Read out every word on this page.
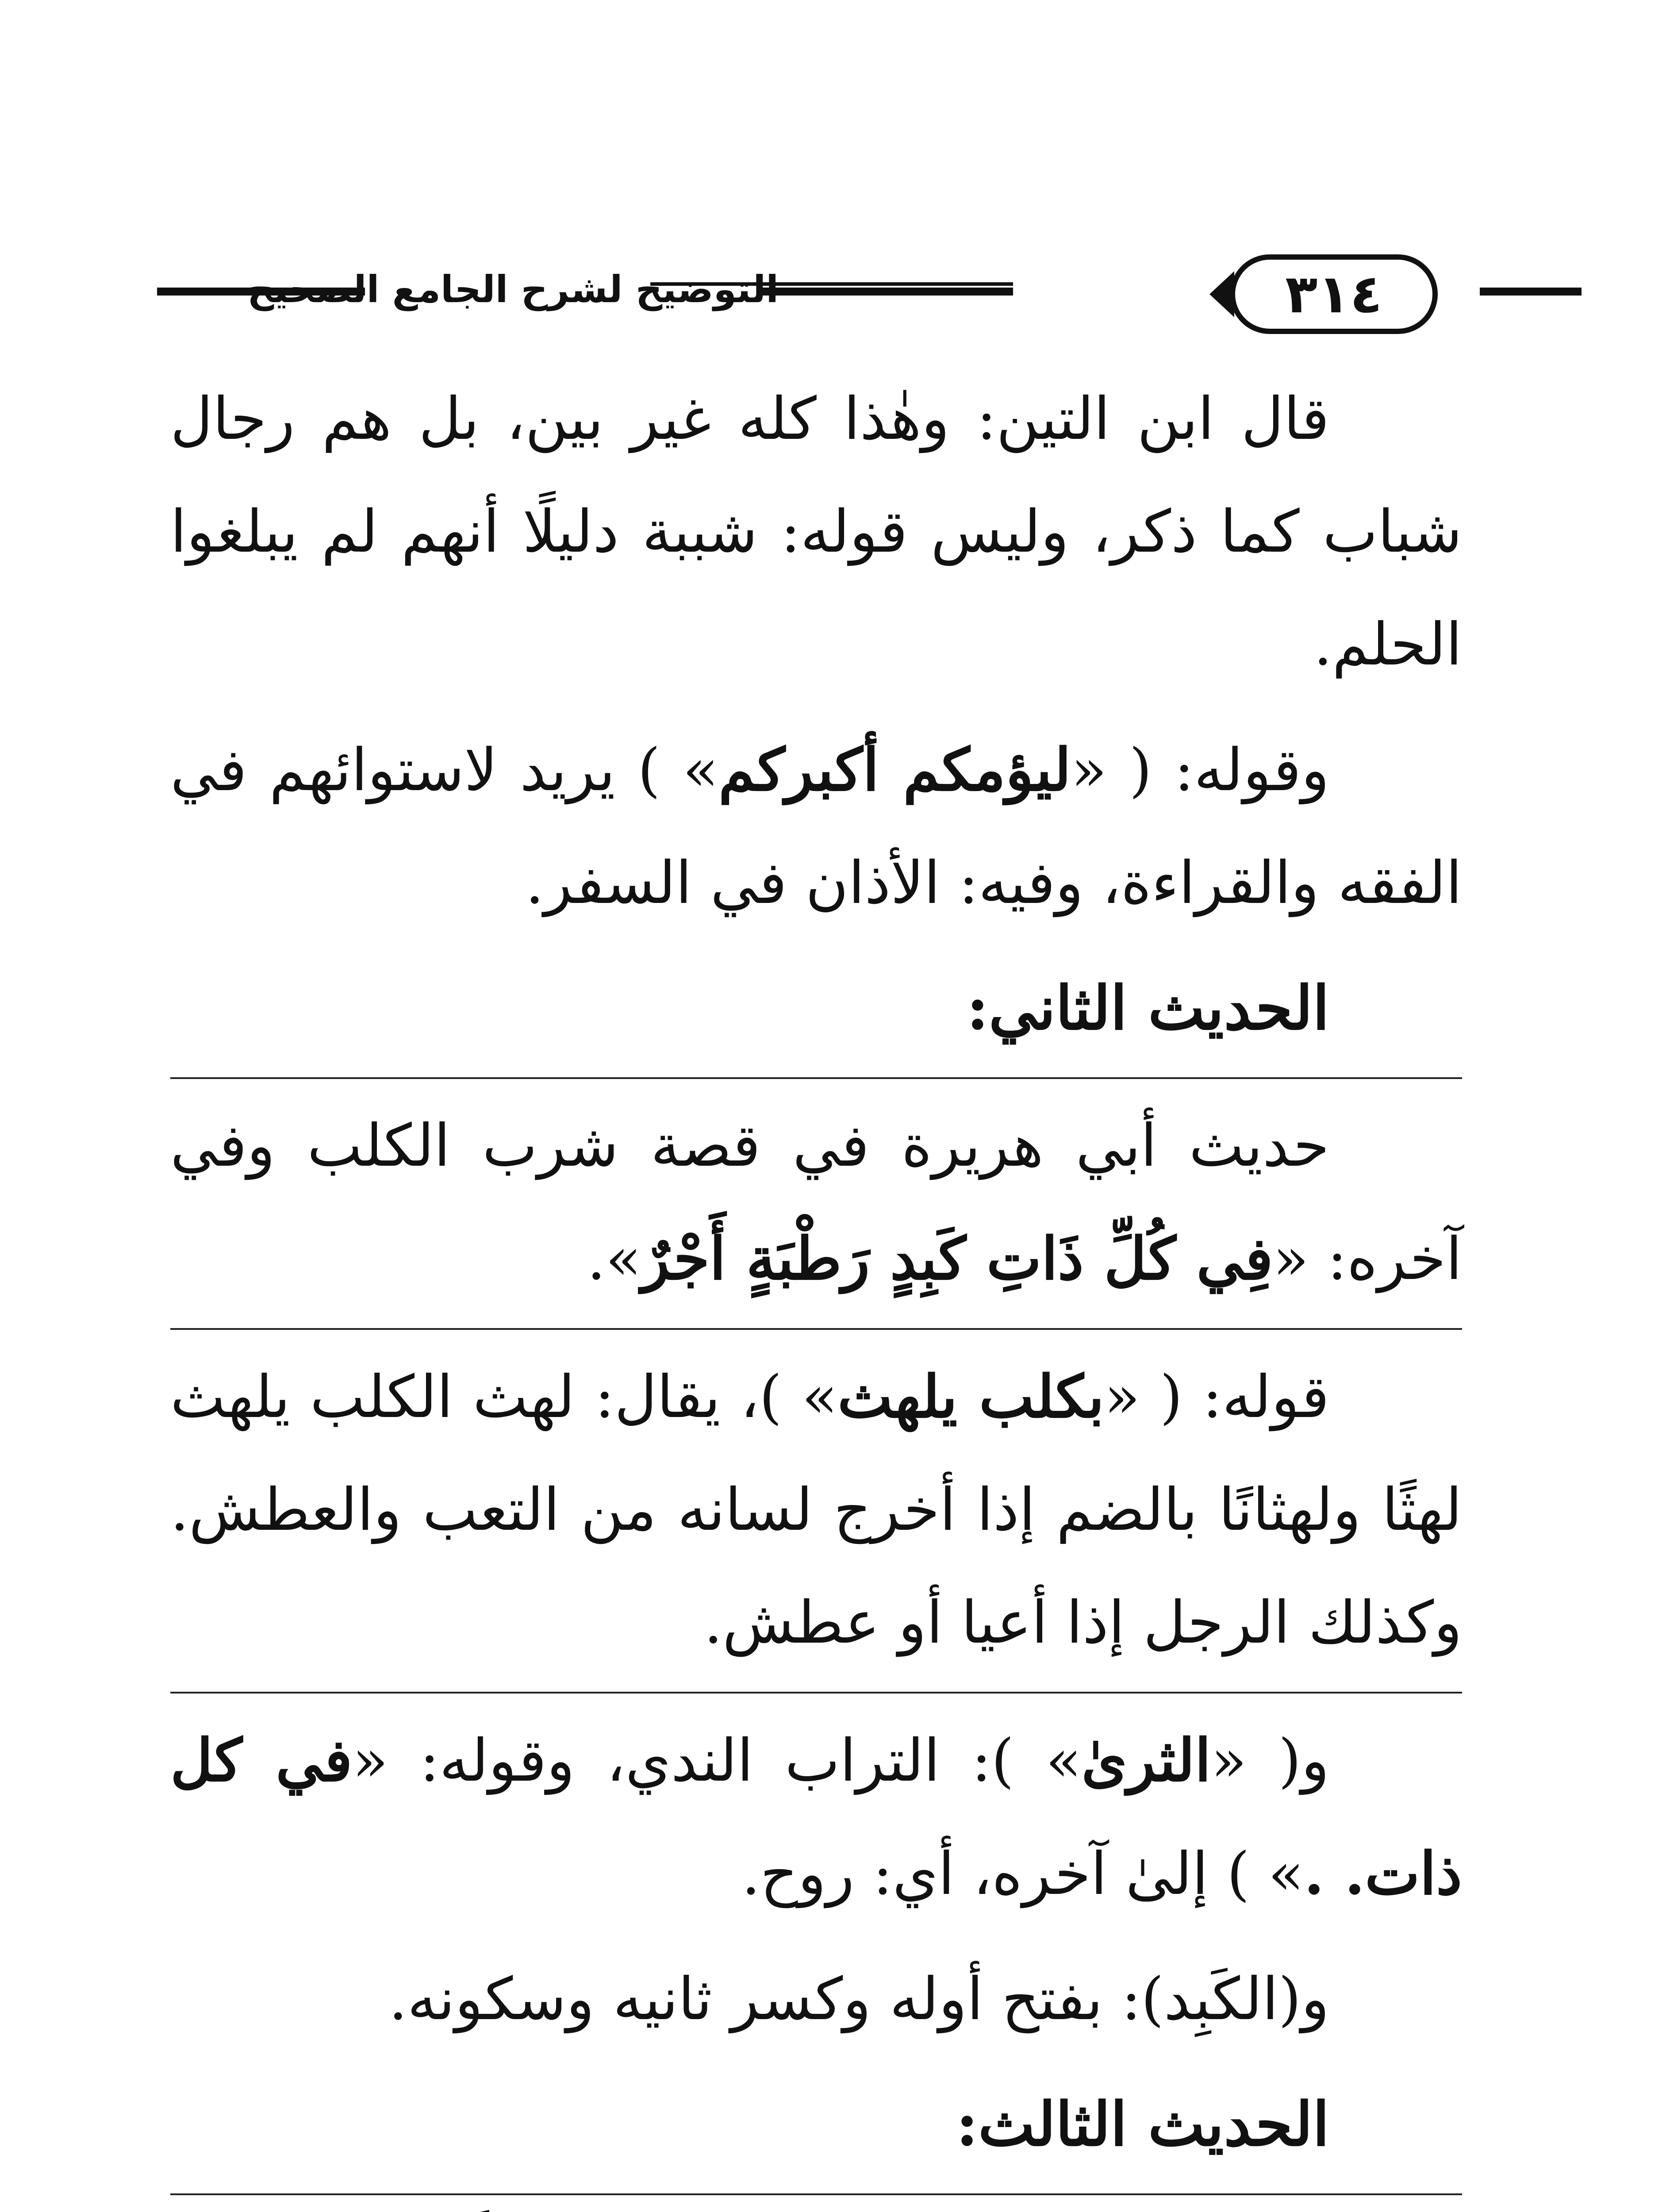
التوضيح لشرح الجامع الصحيح	٣١٤

قال ابن التين: وهٰذا كله غير بين، بل هم رجال شباب كما ذكر، وليس قوله: شببة دليلًا أنهم لم يبلغوا الحلم.

وقوله: ( «ليؤمكم أكبركم» ) يريد لاستوائهم في الفقه والقراءة، وفيه: الأذان في السفر.

الحديث الثاني:

حديث أبي هريرة في قصة شرب الكلب وفي آخره: «فِي كُلِّ ذَاتِ كَبِدٍ رَطْبَةٍ أَجْرٌ».

قوله: ( «بكلب يلهث» )، يقال: لهث الكلب يلهث لهثًا ولهثانًا بالضم إذا أخرج لسانه من التعب والعطش. وكذلك الرجل إذا أعيا أو عطش.

و( «الثرىٰ» ): التراب الندي، وقوله: «في كل ذات. .» ) إلىٰ آخره، أي: روح.

و(الكَبِد): بفتح أوله وكسر ثانيه وسكونه.

الحديث الثالث:
